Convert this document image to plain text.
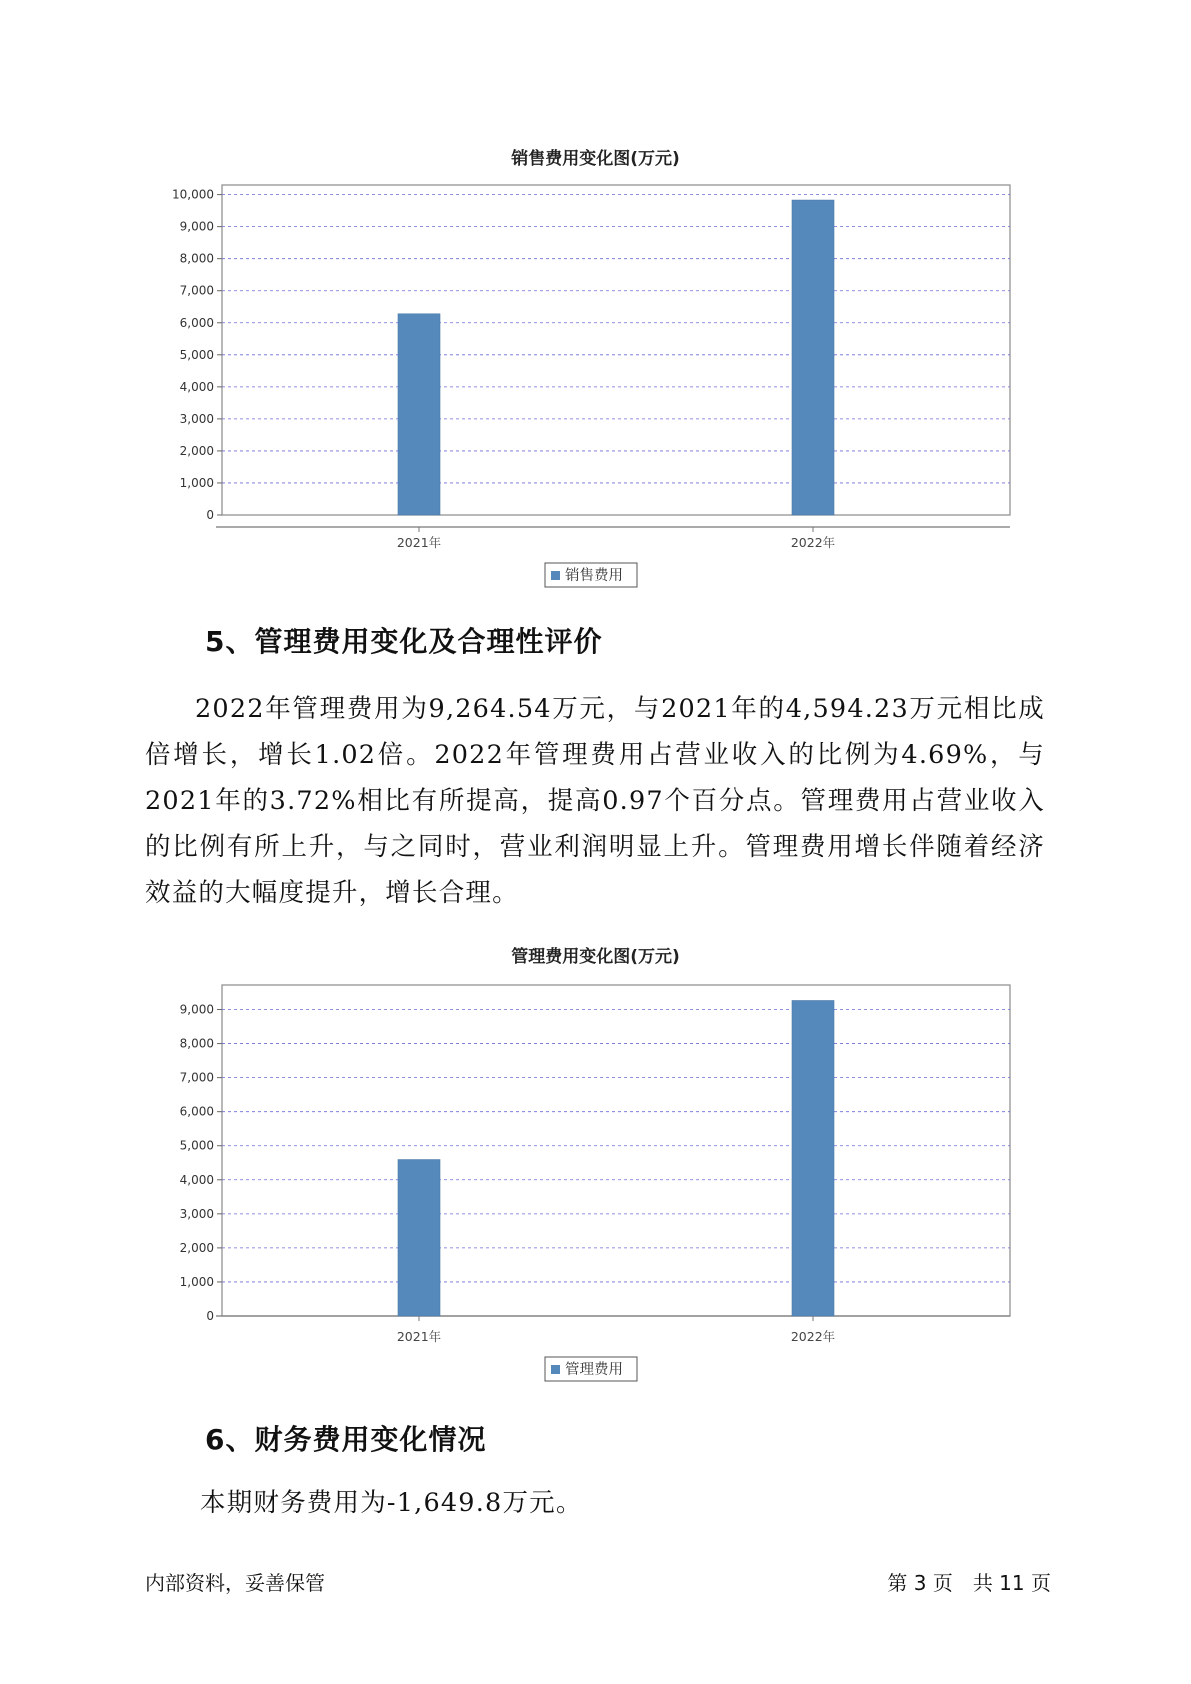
销售费用变化图(万元)
0
1,000
2,000
3,000
4,000
5,000
6,000
7,000
8,000
9,000
10,000
2021年	2022年
销售费用
5、管理费用变化及合理性评价

2022年管理费用为9,264.54万元，与2021年的4,594.23万元相比成倍增长，增长1.02倍。2022年管理费用占营业收入的比例为4.69%，与2021年的3.72%相比有所提高，提高0.97个百分点。管理费用占营业收入的比例有所上升，与之同时，营业利润明显上升。管理费用增长伴随着经济效益的大幅度提升，增长合理。

管理费用变化图(万元)
0
1,000
2,000
3,000
4,000
5,000
6,000
7,000
8,000
9,000
2021年	2022年
管理费用
6、财务费用变化情况

本期财务费用为-1,649.8万元。

内部资料，妥善保管	第 3 页　共 11 页
